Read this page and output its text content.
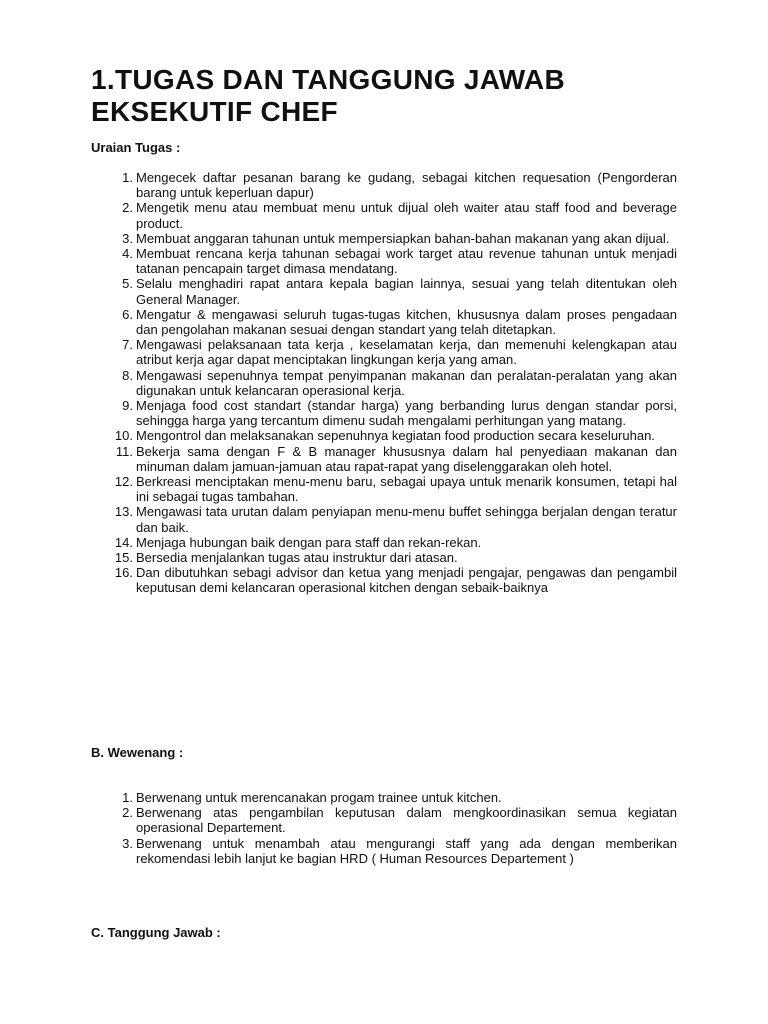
1.TUGAS DAN TANGGUNG JAWAB EKSEKUTIF CHEF
Uraian Tugas :
1. Mengecek daftar pesanan barang ke gudang, sebagai kitchen requesation (Pengorderan barang untuk keperluan dapur)
2. Mengetik menu atau membuat menu untuk dijual oleh waiter atau staff food and beverage product.
3. Membuat anggaran tahunan untuk mempersiapkan bahan-bahan makanan yang akan dijual.
4. Membuat rencana kerja tahunan sebagai work target atau revenue tahunan untuk menjadi tatanan pencapain target dimasa mendatang.
5. Selalu menghadiri rapat antara kepala bagian lainnya, sesuai yang telah ditentukan oleh General Manager.
6. Mengatur & mengawasi seluruh tugas-tugas kitchen, khususnya dalam proses pengadaan dan pengolahan makanan sesuai dengan standart yang telah ditetapkan.
7. Mengawasi pelaksanaan tata kerja , keselamatan kerja, dan memenuhi kelengkapan atau atribut kerja agar dapat menciptakan lingkungan kerja yang aman.
8. Mengawasi sepenuhnya tempat penyimpanan makanan dan peralatan-peralatan yang akan digunakan untuk kelancaran operasional kerja.
9. Menjaga food cost standart (standar harga) yang berbanding lurus dengan standar porsi, sehingga harga yang tercantum dimenu sudah mengalami perhitungan yang matang.
10. Mengontrol dan melaksanakan sepenuhnya kegiatan food production secara keseluruhan.
11. Bekerja sama dengan F & B manager khususnya dalam hal penyediaan makanan dan minuman dalam jamuan-jamuan atau rapat-rapat yang diselenggarakan oleh hotel.
12. Berkreasi menciptakan menu-menu baru, sebagai upaya untuk menarik konsumen, tetapi hal ini sebagai tugas tambahan.
13. Mengawasi tata urutan dalam penyiapan menu-menu buffet sehingga berjalan dengan teratur dan baik.
14. Menjaga hubungan baik dengan para staff dan rekan-rekan.
15. Bersedia menjalankan tugas atau instruktur dari atasan.
16. Dan dibutuhkan sebagi advisor dan ketua yang menjadi pengajar, pengawas dan pengambil keputusan demi kelancaran operasional kitchen dengan sebaik-baiknya
B. Wewenang :
1. Berwenang untuk merencanakan progam trainee untuk kitchen.
2. Berwenang atas pengambilan keputusan dalam mengkoordinasikan semua kegiatan operasional Departement.
3. Berwenang untuk menambah atau mengurangi staff yang ada dengan memberikan rekomendasi lebih lanjut ke bagian HRD ( Human Resources Departement )
C. Tanggung Jawab :
